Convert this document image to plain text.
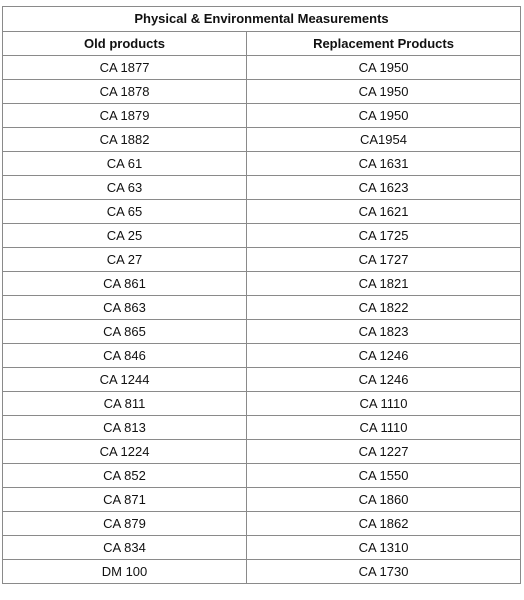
Physical & Environmental Measurements	
Old products	Replacement Products
CA 1877	CA 1950
CA 1878	CA 1950
CA 1879	CA 1950
CA 1882	CA1954
CA 61	CA 1631
CA 63	CA 1623
CA 65	CA 1621
CA 25	CA 1725
CA 27	CA 1727
CA 861	CA 1821
CA 863	CA 1822
CA 865	CA 1823
CA 846	CA 1246
CA 1244	CA 1246
CA 811	CA 1110
CA 813	CA 1110
CA 1224	CA 1227
CA 852	CA 1550
CA 871	CA 1860
CA 879	CA 1862
CA 834	CA 1310
DM 100	CA 1730
